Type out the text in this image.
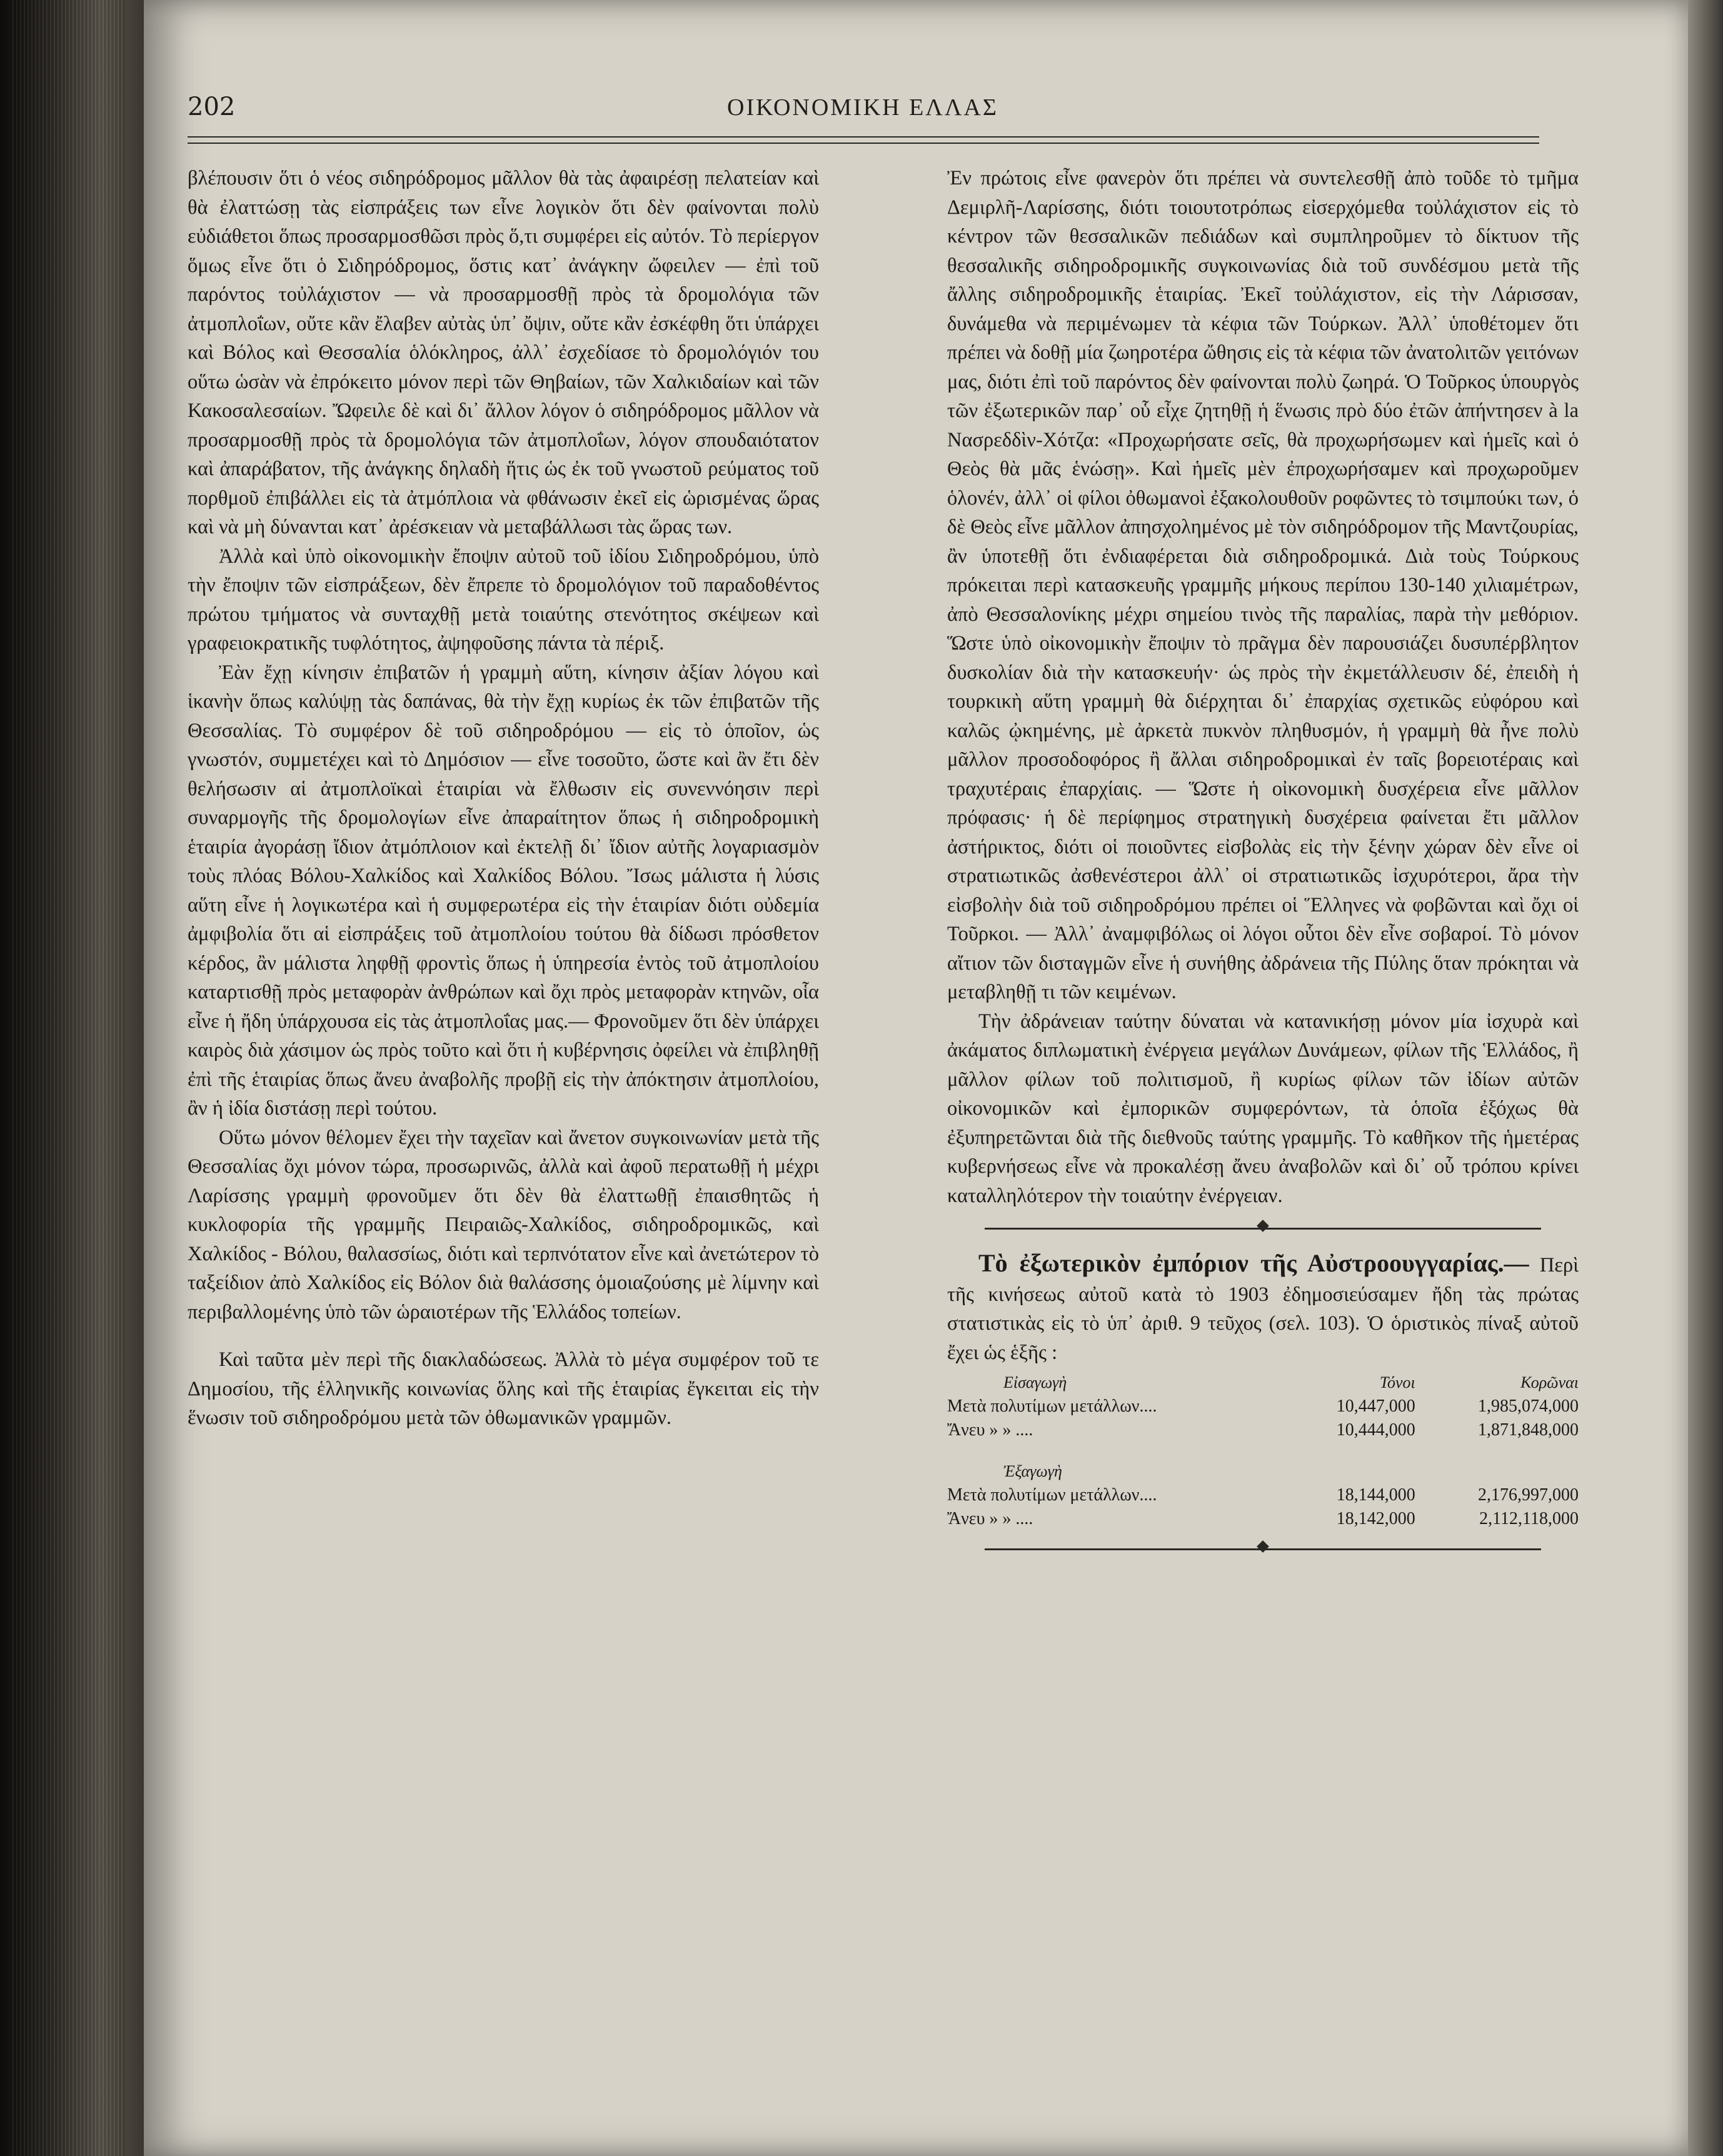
202	ΟΙΚΟΝΟΜΙΚΗ ΕΛΛΑΣ

βλέπουσιν ὅτι ὁ νέος σιδηρόδρομος μᾶλλον θὰ τὰς ἀφαιρέσῃ πελατείαν καὶ θὰ ἐλαττώσῃ τὰς εἰσπράξεις των εἶνε λογικὸν ὅτι δὲν φαίνονται πολὺ εὐδιάθετοι ὅπως προσαρμοσθῶσι πρὸς ὅ,τι συμφέρει εἰς αὐτόν. Τὸ περίεργον ὅμως εἶνε ὅτι ὁ Σιδηρόδρομος, ὅστις κατ᾽ ἀνάγκην ὤφειλεν — ἐπὶ τοῦ παρόντος τοὐλάχιστον — νὰ προσαρμοσθῇ πρὸς τὰ δρομολόγια τῶν ἀτμοπλοΐων, οὔτε κἂν ἔλαβεν αὐτὰς ὑπ᾽ ὄψιν, οὔτε κἂν ἐσκέφθη ὅτι ὑπάρχει καὶ Βόλος καὶ Θεσσαλία ὁλόκληρος, ἀλλ᾽ ἐσχεδίασε τὸ δρομολόγιόν του οὕτω ὡσὰν νὰ ἐπρόκειτο μόνον περὶ τῶν Θηβαίων, τῶν Χαλκιδαίων καὶ τῶν Κακοσαλεσαίων. Ὤφειλε δὲ καὶ δι᾽ ἄλλον λόγον ὁ σιδηρόδρομος μᾶλλον νὰ προσαρμοσθῇ πρὸς τὰ δρομολόγια τῶν ἀτμοπλοΐων, λόγον σπουδαιότατον καὶ ἀπαράβατον, τῆς ἀνάγκης δηλαδὴ ἥτις ὡς ἐκ τοῦ γνωστοῦ ρεύματος τοῦ πορθμοῦ ἐπιβάλλει εἰς τὰ ἀτμόπλοια νὰ φθάνωσιν ἐκεῖ εἰς ὡρισμένας ὥρας καὶ νὰ μὴ δύνανται κατ᾽ ἀρέσκειαν νὰ μεταβάλλωσι τὰς ὥρας των.

Ἀλλὰ καὶ ὑπὸ οἰκονομικὴν ἔποψιν αὐτοῦ τοῦ ἰδίου Σιδηροδρόμου, ὑπὸ τὴν ἔποψιν τῶν εἰσπράξεων, δὲν ἔπρεπε τὸ δρομολόγιον τοῦ παραδοθέντος πρώτου τμήματος νὰ συνταχθῇ μετὰ τοιαύτης στενότητος σκέψεων καὶ γραφειοκρατικῆς τυφλότητος, ἀψηφοῦσης πάντα τὰ πέριξ.

Ἐὰν ἔχῃ κίνησιν ἐπιβατῶν ἡ γραμμὴ αὕτη, κίνησιν ἀξίαν λόγου καὶ ἱκανὴν ὅπως καλύψῃ τὰς δαπάνας, θὰ τὴν ἔχῃ κυρίως ἐκ τῶν ἐπιβατῶν τῆς Θεσσαλίας. Τὸ συμφέρον δὲ τοῦ σιδηροδρόμου — εἰς τὸ ὁποῖον, ὡς γνωστόν, συμμετέχει καὶ τὸ Δημόσιον — εἶνε τοσοῦτο, ὥστε καὶ ἂν ἔτι δὲν θελήσωσιν αἱ ἀτμοπλοϊκαὶ ἑταιρίαι νὰ ἔλθωσιν εἰς συνεννόησιν περὶ συναρμογῆς τῆς δρομολογίων εἶνε ἀπαραίτητον ὅπως ἡ σιδηροδρομικὴ ἑταιρία ἀγοράσῃ ἴδιον ἀτμόπλοιον καὶ ἐκτελῇ δι᾽ ἴδιον αὐτῆς λογαριασμὸν τοὺς πλόας Βόλου-Χαλκίδος καὶ Χαλκίδος Βόλου. Ἴσως μάλιστα ἡ λύσις αὕτη εἶνε ἡ λογικωτέρα καὶ ἡ συμφερωτέρα εἰς τὴν ἑταιρίαν διότι οὐδεμία ἀμφιβολία ὅτι αἱ εἰσπράξεις τοῦ ἀτμοπλοίου τούτου θὰ δίδωσι πρόσθετον κέρδος, ἂν μάλιστα ληφθῇ φροντὶς ὅπως ἡ ὑπηρεσία ἐντὸς τοῦ ἀτμοπλοίου καταρτισθῇ πρὸς μεταφορὰν ἀνθρώπων καὶ ὄχι πρὸς μεταφορὰν κτηνῶν, οἷα εἶνε ἡ ἤδη ὑπάρχουσα εἰς τὰς ἀτμοπλοΐας μας.— Φρονοῦμεν ὅτι δὲν ὑπάρχει καιρὸς διὰ χάσιμον ὡς πρὸς τοῦτο καὶ ὅτι ἡ κυβέρνησις ὀφείλει νὰ ἐπιβληθῇ ἐπὶ τῆς ἑταιρίας ὅπως ἄνευ ἀναβολῆς προβῇ εἰς τὴν ἀπόκτησιν ἀτμοπλοίου, ἂν ἡ ἰδία διστάσῃ περὶ τούτου.

Οὕτω μόνον θέλομεν ἔχει τὴν ταχεῖαν καὶ ἄνετον συγκοινωνίαν μετὰ τῆς Θεσσαλίας ὄχι μόνον τώρα, προσωρινῶς, ἀλλὰ καὶ ἀφοῦ περατωθῇ ἡ μέχρι Λαρίσσης γραμμὴ φρονοῦμεν ὅτι δὲν θὰ ἐλαττωθῇ ἐπαισθητῶς ἡ κυκλοφορία τῆς γραμμῆς Πειραιῶς-Χαλκίδος, σιδηροδρομικῶς, καὶ Χαλκίδος - Βόλου, θαλασσίως, διότι καὶ τερπνότατον εἶνε καὶ ἀνετώτερον τὸ ταξείδιον ἀπὸ Χαλκίδος εἰς Βόλον διὰ θαλάσσης ὁμοιαζούσης μὲ λίμνην καὶ περιβαλλομένης ὑπὸ τῶν ὡραιοτέρων τῆς Ἑλλάδος τοπείων.

Καὶ ταῦτα μὲν περὶ τῆς διακλαδώσεως. Ἀλλὰ τὸ μέγα συμφέρον τοῦ τε Δημοσίου, τῆς ἑλληνικῆς κοινωνίας ὅλης καὶ τῆς ἑταιρίας ἔγκειται εἰς τὴν ἕνωσιν τοῦ σιδηροδρόμου μετὰ τῶν ὀθωμανικῶν γραμμῶν.

Ἐν πρώτοις εἶνε φανερὸν ὅτι πρέπει νὰ συντελεσθῇ ἀπὸ τοῦδε τὸ τμῆμα Δεμιρλῆ-Λαρίσσης, διότι τοιουτοτρόπως εἰσερχόμεθα τοὐλάχιστον εἰς τὸ κέντρον τῶν θεσσαλικῶν πεδιάδων καὶ συμπληροῦμεν τὸ δίκτυον τῆς θεσσαλικῆς σιδηροδρομικῆς συγκοινωνίας διὰ τοῦ συνδέσμου μετὰ τῆς ἄλλης σιδηροδρομικῆς ἑταιρίας. Ἐκεῖ τοὐλάχιστον, εἰς τὴν Λάρισσαν, δυνάμεθα νὰ περιμένωμεν τὰ κέφια τῶν Τούρκων. Ἀλλ᾽ ὑποθέτομεν ὅτι πρέπει νὰ δοθῇ μία ζωηροτέρα ὤθησις εἰς τὰ κέφια τῶν ἀνατολιτῶν γειτόνων μας, διότι ἐπὶ τοῦ παρόντος δὲν φαίνονται πολὺ ζωηρά. Ὁ Τοῦρκος ὑπουργὸς τῶν ἐξωτερικῶν παρ᾽ οὗ εἶχε ζητηθῇ ἡ ἕνωσις πρὸ δύο ἐτῶν ἀπήντησεν à la Νασρεδδὶν-Χότζα: «Προχωρήσατε σεῖς, θὰ προχωρήσωμεν καὶ ἡμεῖς καὶ ὁ Θεὸς θὰ μᾶς ἑνώσῃ». Καὶ ἡμεῖς μὲν ἐπροχωρήσαμεν καὶ προχωροῦμεν ὁλονέν, ἀλλ᾽ οἱ φίλοι ὀθωμανοὶ ἐξακολουθοῦν ροφῶντες τὸ τσιμπούκι των, ὁ δὲ Θεὸς εἶνε μᾶλλον ἀπησχολημένος μὲ τὸν σιδηρόδρομον τῆς Μαντζουρίας, ἂν ὑποτεθῇ ὅτι ἐνδιαφέρεται διὰ σιδηροδρομικά. Διὰ τοὺς Τούρκους πρόκειται περὶ κατασκευῆς γραμμῆς μήκους περίπου 130-140 χιλιαμέτρων, ἀπὸ Θεσσαλονίκης μέχρι σημείου τινὸς τῆς παραλίας, παρὰ τὴν μεθόριον. Ὥστε ὑπὸ οἰκονομικὴν ἔποψιν τὸ πρᾶγμα δὲν παρουσιάζει δυσυπέρβλητον δυσκολίαν διὰ τὴν κατασκευήν· ὡς πρὸς τὴν ἐκμετάλλευσιν δέ, ἐπειδὴ ἡ τουρκικὴ αὕτη γραμμὴ θὰ διέρχηται δι᾽ ἐπαρχίας σχετικῶς εὐφόρου καὶ καλῶς ᾠκημένης, μὲ ἀρκετὰ πυκνὸν πληθυσμόν, ἡ γραμμὴ θὰ ἦνε πολὺ μᾶλλον προσοδοφόρος ἢ ἄλλαι σιδηροδρομικαὶ ἐν ταῖς βορειοτέραις καὶ τραχυτέραις ἐπαρχίαις. — Ὥστε ἡ οἰκονομικὴ δυσχέρεια εἶνε μᾶλλον πρόφασις· ἡ δὲ περίφημος στρατηγικὴ δυσχέρεια φαίνεται ἔτι μᾶλλον ἀστήρικτος, διότι οἱ ποιοῦντες εἰσβολὰς εἰς τὴν ξένην χώραν δὲν εἶνε οἱ στρατιωτικῶς ἀσθενέστεροι ἀλλ᾽ οἱ στρατιωτικῶς ἰσχυρότεροι, ἄρα τὴν εἰσβολὴν διὰ τοῦ σιδηροδρόμου πρέπει οἱ Ἕλληνες νὰ φοβῶνται καὶ ὄχι οἱ Τοῦρκοι. — Ἀλλ᾽ ἀναμφιβόλως οἱ λόγοι οὗτοι δὲν εἶνε σοβαροί. Τὸ μόνον αἴτιον τῶν δισταγμῶν εἶνε ἡ συνήθης ἀδράνεια τῆς Πύλης ὅταν πρόκηται νὰ μεταβληθῇ τι τῶν κειμένων.

Τὴν ἀδράνειαν ταύτην δύναται νὰ κατανικήσῃ μόνον μία ἰσχυρὰ καὶ ἀκάματος διπλωματικὴ ἐνέργεια μεγάλων Δυνάμεων, φίλων τῆς Ἑλλάδος, ἢ μᾶλλον φίλων τοῦ πολιτισμοῦ, ἢ κυρίως φίλων τῶν ἰδίων αὐτῶν οἰκονομικῶν καὶ ἐμπορικῶν συμφερόντων, τὰ ὁποῖα ἐξόχως θὰ ἐξυπηρετῶνται διὰ τῆς διεθνοῦς ταύτης γραμμῆς. Τὸ καθῆκον τῆς ἡμετέρας κυβερνήσεως εἶνε νὰ προκαλέσῃ ἄνευ ἀναβολῶν καὶ δι᾽ οὗ τρόπου κρίνει καταλληλότερον τὴν τοιαύτην ἐνέργειαν.

Τὸ ἐξωτερικὸν ἐμπόριον τῆς Αὐστροουγγαρίας.— Περὶ τῆς κινήσεως αὐτοῦ κατὰ τὸ 1903 ἐδημοσιεύσαμεν ἤδη τὰς πρώτας στατιστικὰς εἰς τὸ ὑπ᾽ ἀριθ. 9 τεῦχος (σελ. 103). Ὁ ὁριστικὸς πίναξ αὐτοῦ ἔχει ὡς ἑξῆς :

Εἰσαγωγὴ	Τόνοι	Κορῶναι
Μετὰ πολυτίμων μετάλλων....	10,447,000	1,985,074,000
Ἄνευ » » ....	10,444,000	1,871,848,000

Ἐξαγωγὴ		
Μετὰ πολυτίμων μετάλλων....	18,144,000	2,176,997,000
Ἄνευ » » ....	18,142,000	2,112,118,000
